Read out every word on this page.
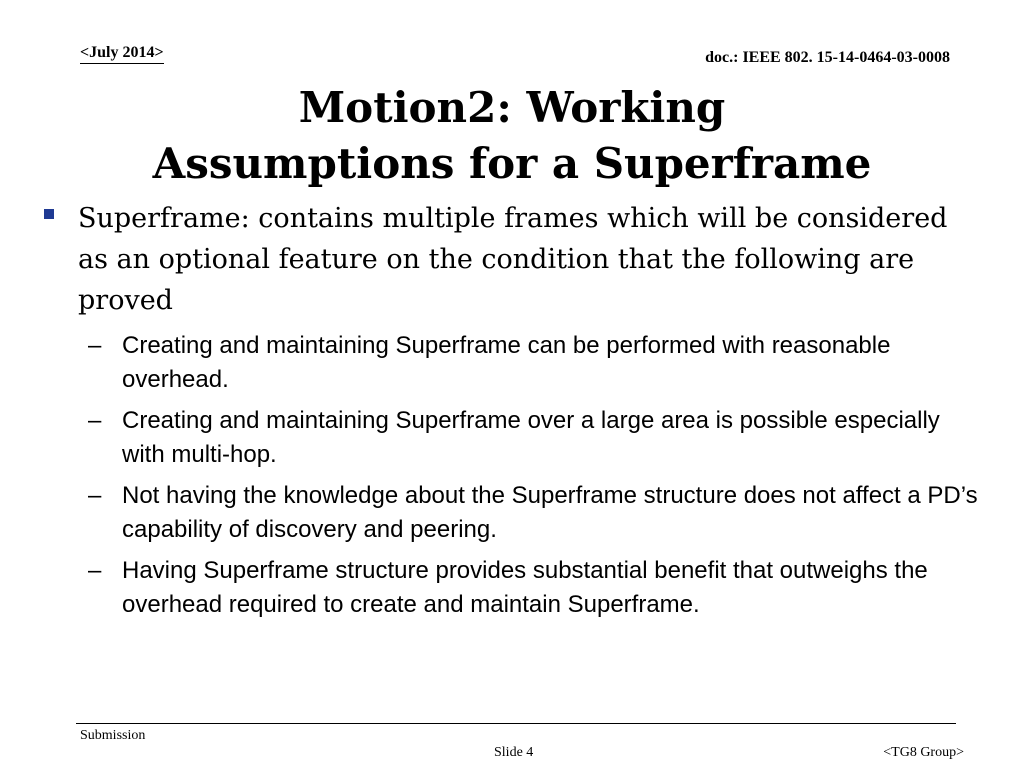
<July 2014>	doc.: IEEE 802. 15-14-0464-03-0008
Motion2: Working
Assumptions for a Superframe
Superframe: contains multiple frames which will be considered as an optional feature on the condition that the following are proved
– Creating and maintaining Superframe can be performed with reasonable overhead.
– Creating and maintaining Superframe over a large area is possible especially with multi-hop.
– Not having the knowledge about the Superframe structure does not affect a PD’s capability of discovery and peering.
– Having Superframe structure provides substantial benefit that outweighs the overhead required to create and maintain Superframe.
Submission
Slide 4	<TG8 Group>
